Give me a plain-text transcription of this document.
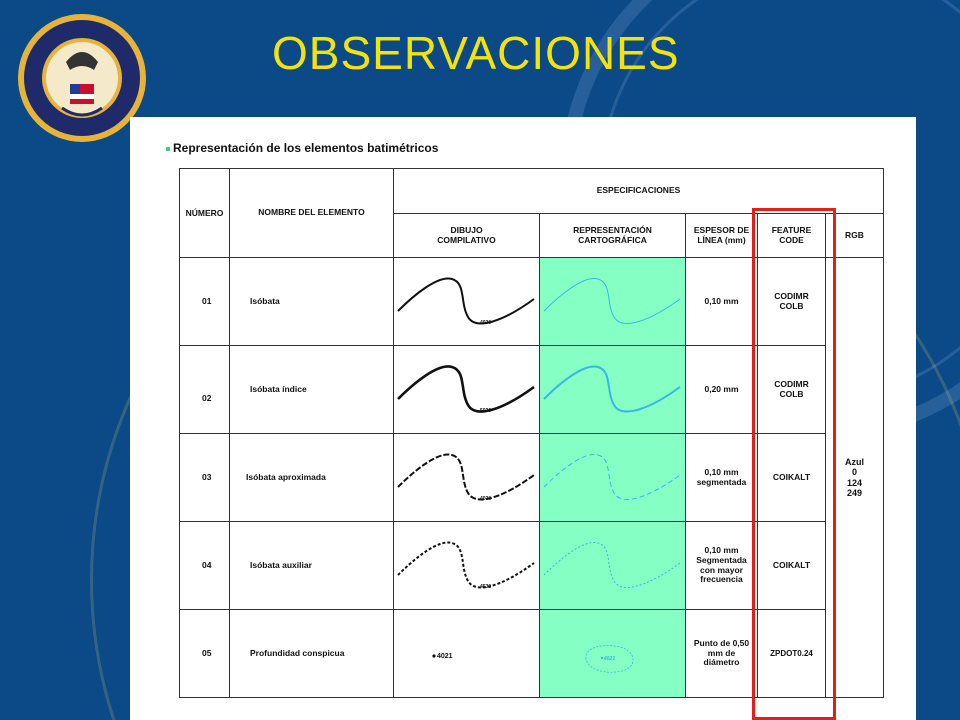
OBSERVACIONES
Representación de los elementos batimétricos
NÚMERO	NOMBRE DEL ELEMENTO	ESPECIFICACIONES				
		DIBUJO COMPILATIVO	REPRESENTACIÓN CARTOGRÁFICA	ESPESOR DE LÍNEA (mm)	FEATURE CODE	RGB
01	Isóbata	4030		0,10 mm	CODIMR COLB	Azul
0
124
249

02	Isóbata índice	5020		0,20 mm	CODIMR COLB	
03	Isóbata aproximada	4030		0,10 mm segmentada	COIKALT	
04	Isóbata auxiliar	4530		0,10 mm Segmentada con mayor frecuencia	COIKALT	
05	Profundidad conspicua	4021	4021	Punto de 0,50 mm de diámetro	ZPDOT0.24	
